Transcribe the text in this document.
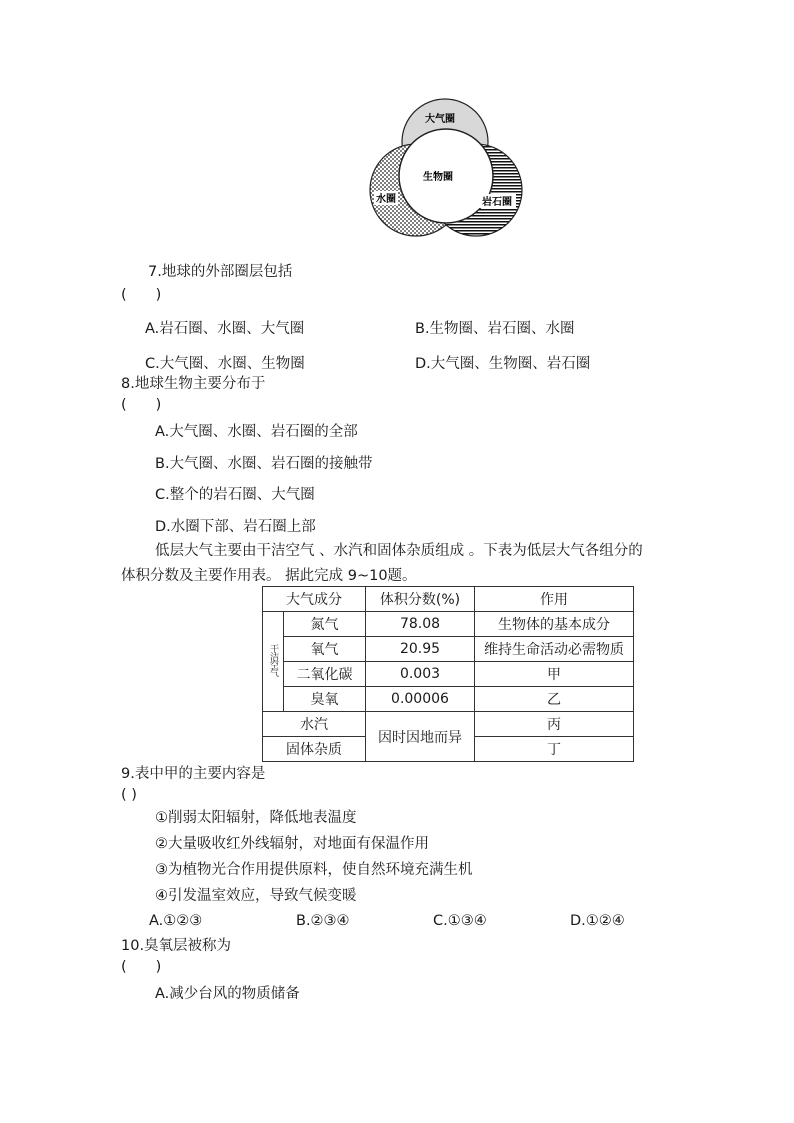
大气圈
生物圈
水圈	岩石圈
7.地球的外部圈层包括
(　　)
A.岩石圈、水圈、大气圈	B.生物圈、岩石圈、水圈
C.大气圈、水圈、生物圈	D.大气圈、生物圈、岩石圈
8.地球生物主要分布于
(　　)
A.大气圈、水圈、岩石圈的全部
B.大气圈、水圈、岩石圈的接触带
C.整个的岩石圈、大气圈
D.水圈下部、岩石圈上部
低层大气主要由干洁空气 、水汽和固体杂质组成 。下表为低层大气各组分的
体积分数及主要作用表。 据此完成 9~10题。
大气成分		体积分数(%)	作用
干洁空气	氮气	78.08	生物体的基本成分
	氧气	20.95	维持生命活动必需物质
	二氧化碳	0.003	甲
	臭氧	0.00006	乙
水汽		因时因地而异	丙
固体杂质			丁
9.表中甲的主要内容是
( )
①削弱太阳辐射，降低地表温度
②大量吸收红外线辐射，对地面有保温作用
③为植物光合作用提供原料，使自然环境充满生机
④引发温室效应，导致气候变暖
A.①②③	B.②③④	C.①③④	D.①②④
10.臭氧层被称为
(　　)
A.减少台风的物质储备
